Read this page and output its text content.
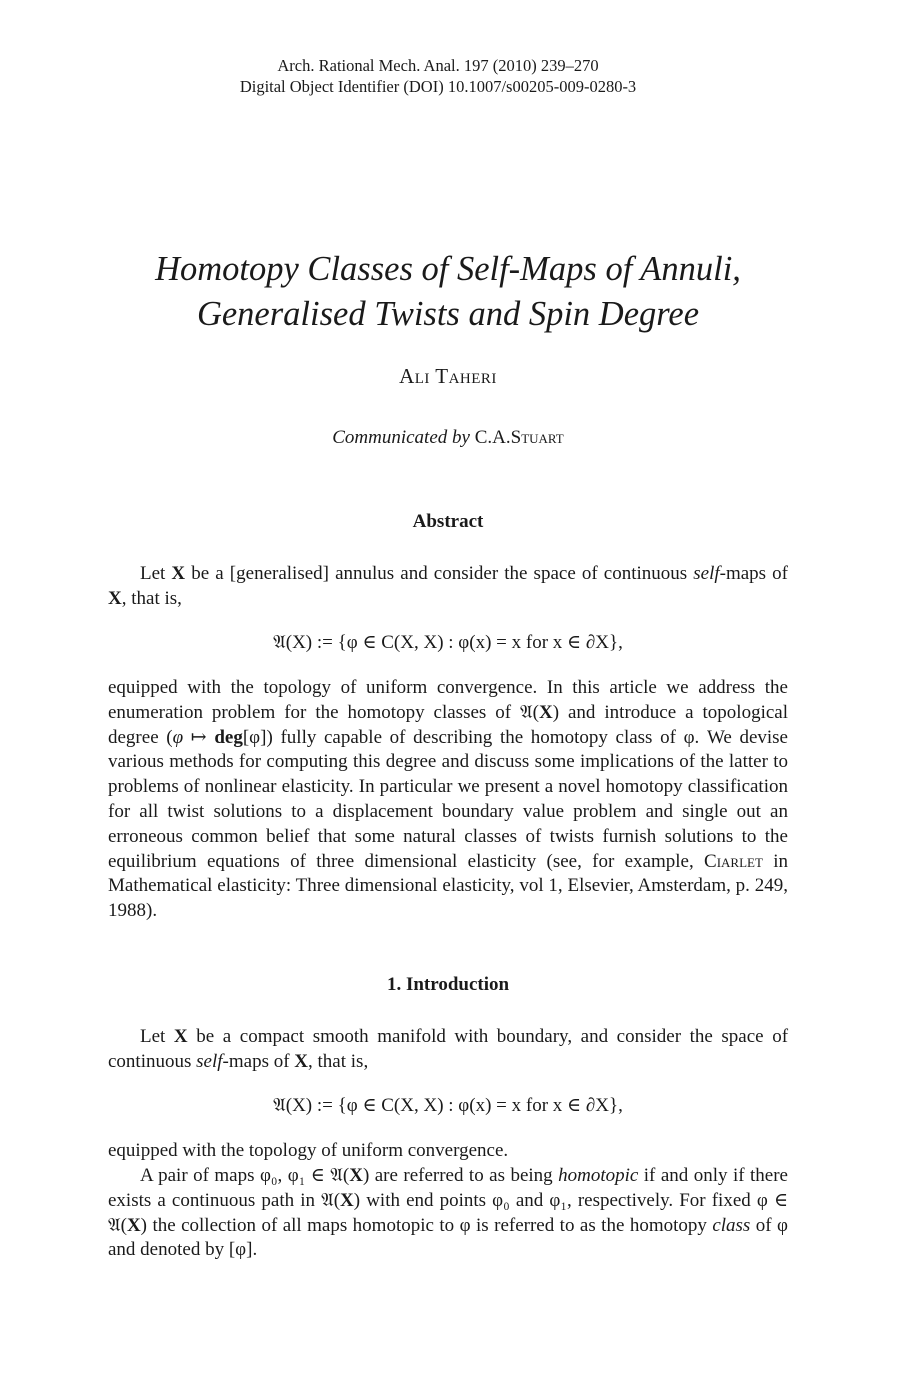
Arch. Rational Mech. Anal. 197 (2010) 239–270
Digital Object Identifier (DOI) 10.1007/s00205-009-0280-3
Homotopy Classes of Self-Maps of Annuli,
Generalised Twists and Spin Degree
Ali Taheri
Communicated by C.A.Stuart
Abstract
Let X be a [generalised] annulus and consider the space of continuous self-maps of X, that is,
𝔄(X) := {φ ∈ C(X, X) : φ(x) = x for x ∈ ∂X},
equipped with the topology of uniform convergence. In this article we address the enumeration problem for the homotopy classes of 𝔄(X) and introduce a topological degree (φ ↦ deg[φ]) fully capable of describing the homotopy class of φ. We devise various methods for computing this degree and discuss some implications of the latter to problems of nonlinear elasticity. In particular we present a novel homotopy classification for all twist solutions to a displacement boundary value problem and single out an erroneous common belief that some natural classes of twists furnish solutions to the equilibrium equations of three dimensional elasticity (see, for example, Ciarlet in Mathematical elasticity: Three dimensional elasticity, vol 1, Elsevier, Amsterdam, p. 249, 1988).
1. Introduction
Let X be a compact smooth manifold with boundary, and consider the space of continuous self-maps of X, that is,
𝔄(X) := {φ ∈ C(X, X) : φ(x) = x for x ∈ ∂X},
equipped with the topology of uniform convergence.
A pair of maps φ₀, φ₁ ∈ 𝔄(X) are referred to as being homotopic if and only if there exists a continuous path in 𝔄(X) with end points φ₀ and φ₁, respectively. For fixed φ ∈ 𝔄(X) the collection of all maps homotopic to φ is referred to as the homotopy class of φ and denoted by [φ].
